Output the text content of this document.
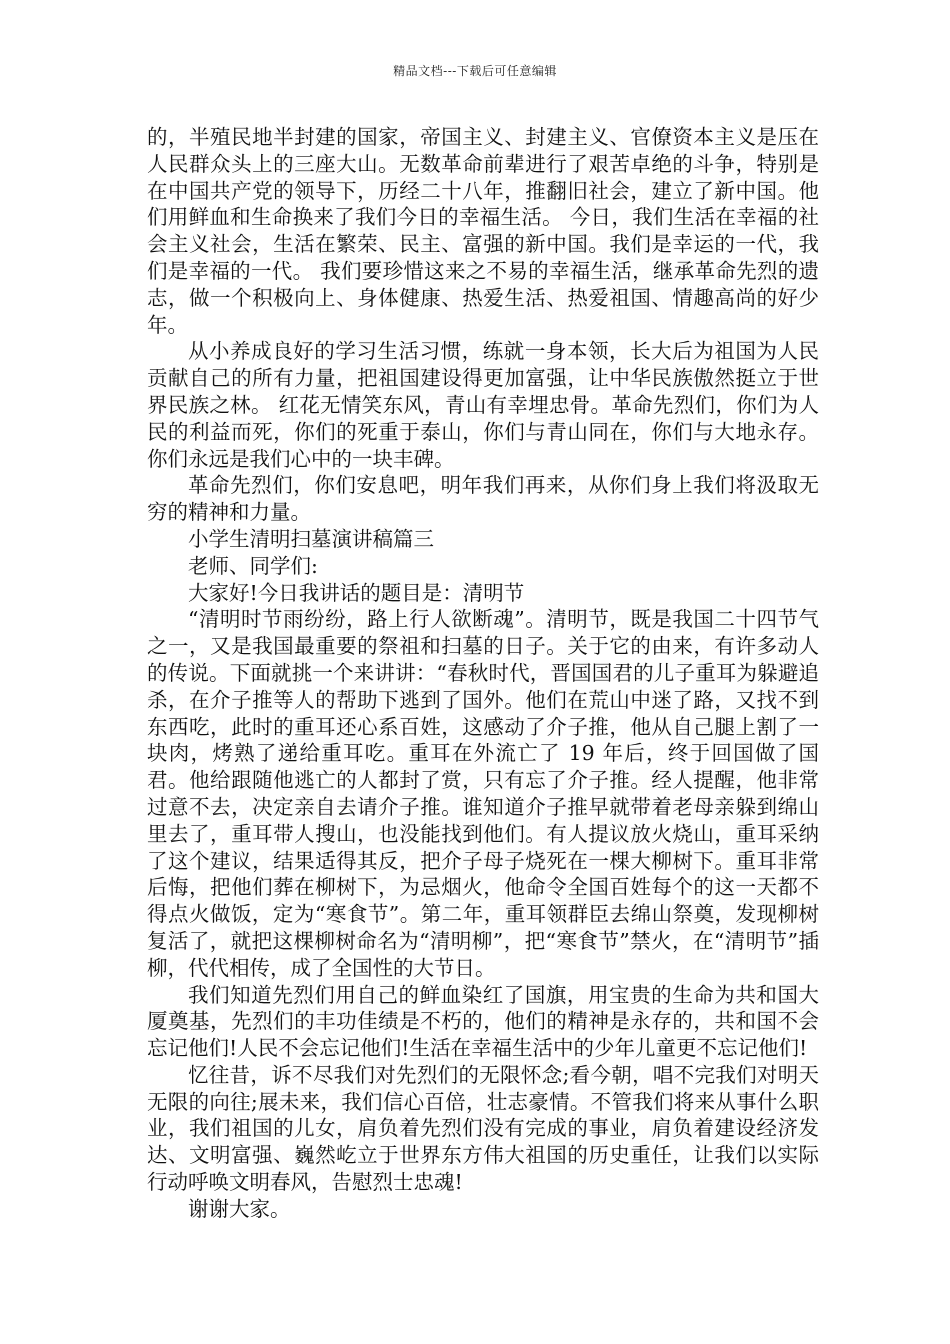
精品文档---下载后可任意编辑

的，半殖民地半封建的国家，帝国主义、封建主义、官僚资本主义是压在人民群众头上的三座大山。无数革命前辈进行了艰苦卓绝的斗争，特别是在中国共产党的领导下，历经二十八年，推翻旧社会，建立了新中国。他们用鲜血和生命换来了我们今日的幸福生活。 今日，我们生活在幸福的社会主义社会，生活在繁荣、民主、富强的新中国。我们是幸运的一代，我们是幸福的一代。 我们要珍惜这来之不易的幸福生活，继承革命先烈的遗志，做一个积极向上、身体健康、热爱生活、热爱祖国、情趣高尚的好少年。

从小养成良好的学习生活习惯，练就一身本领，长大后为祖国为人民贡献自己的所有力量，把祖国建设得更加富强，让中华民族傲然挺立于世界民族之林。 红花无情笑东风，青山有幸埋忠骨。革命先烈们，你们为人民的利益而死，你们的死重于泰山，你们与青山同在，你们与大地永存。你们永远是我们心中的一块丰碑。

革命先烈们，你们安息吧，明年我们再来，从你们身上我们将汲取无穷的精神和力量。

小学生清明扫墓演讲稿篇三

老师、同学们:

大家好!今日我讲话的题目是：清明节

“清明时节雨纷纷，路上行人欲断魂”。清明节，既是我国二十四节气之一，又是我国最重要的祭祖和扫墓的日子。关于它的由来，有许多动人的传说。下面就挑一个来讲讲：“春秋时代，晋国国君的儿子重耳为躲避追杀，在介子推等人的帮助下逃到了国外。他们在荒山中迷了路，又找不到东西吃，此时的重耳还心系百姓，这感动了介子推，他从自己腿上割了一块肉，烤熟了递给重耳吃。重耳在外流亡了 19 年后，终于回国做了国君。他给跟随他逃亡的人都封了赏，只有忘了介子推。经人提醒，他非常过意不去，决定亲自去请介子推。谁知道介子推早就带着老母亲躲到绵山里去了，重耳带人搜山，也没能找到他们。有人提议放火烧山，重耳采纳了这个建议，结果适得其反，把介子母子烧死在一棵大柳树下。重耳非常后悔，把他们葬在柳树下，为忌烟火，他命令全国百姓每个的这一天都不得点火做饭，定为“寒食节”。第二年，重耳领群臣去绵山祭奠，发现柳树复活了，就把这棵柳树命名为“清明柳”，把“寒食节”禁火，在“清明节”插柳，代代相传，成了全国性的大节日。

我们知道先烈们用自己的鲜血染红了国旗，用宝贵的生命为共和国大厦奠基，先烈们的丰功佳绩是不朽的，他们的精神是永存的，共和国不会忘记他们!人民不会忘记他们!生活在幸福生活中的少年儿童更不忘记他们!

忆往昔，诉不尽我们对先烈们的无限怀念;看今朝，唱不完我们对明天无限的向往;展未来，我们信心百倍，壮志豪情。不管我们将来从事什么职业，我们祖国的儿女，肩负着先烈们没有完成的事业，肩负着建设经济发达、文明富强、巍然屹立于世界东方伟大祖国的历史重任，让我们以实际行动呼唤文明春风，告慰烈士忠魂!

谢谢大家。
